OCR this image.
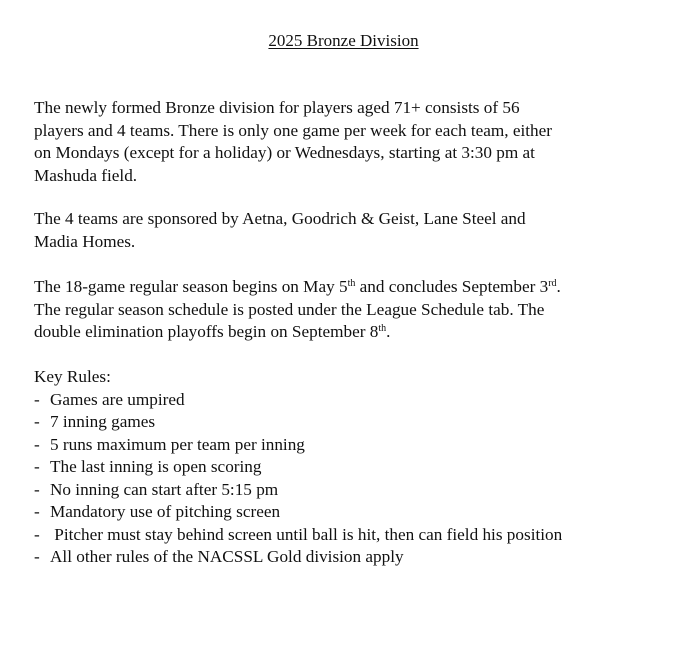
2025 Bronze Division

The newly formed Bronze division for players aged 71+ consists of 56
players and 4 teams. There is only one game per week for each team, either
on Mondays (except for a holiday) or Wednesdays, starting at 3:30 pm at
Mashuda field.

The 4 teams are sponsored by Aetna, Goodrich & Geist, Lane Steel and
Madia Homes.

The 18-game regular season begins on May 5th and concludes September 3rd.
The regular season schedule is posted under the League Schedule tab. The
double elimination playoffs begin on September 8th.

Key Rules:
- Games are umpired
- 7 inning games
- 5 runs maximum per team per inning
- The last inning is open scoring
- No inning can start after 5:15 pm
- Mandatory use of pitching screen
- Pitcher must stay behind screen until ball is hit, then can field his position
- All other rules of the NACSSL Gold division apply
